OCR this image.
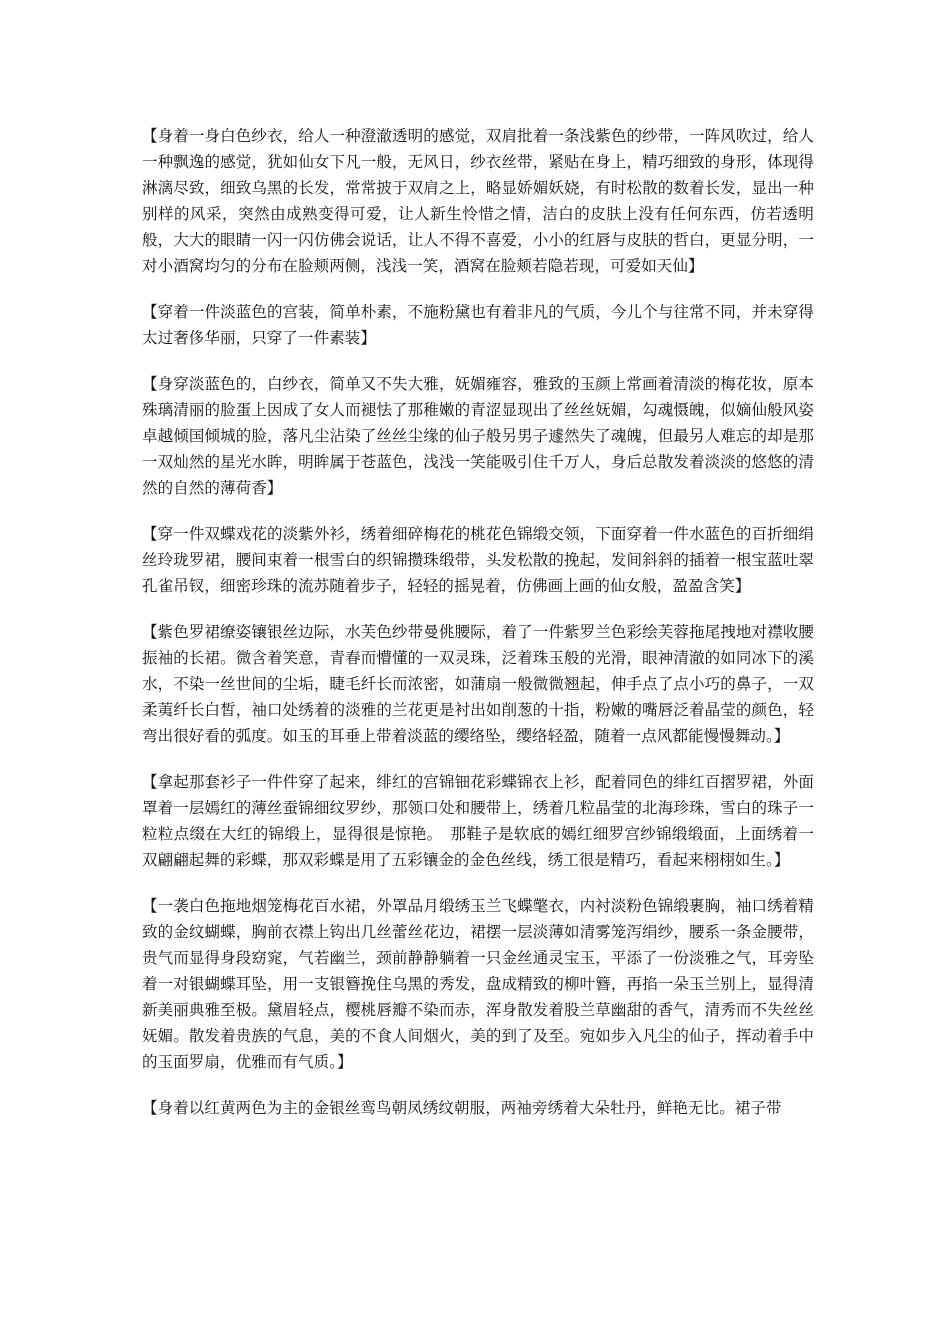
【身着一身白色纱衣，给人一种澄澈透明的感觉，双肩批着一条浅紫色的纱带，一阵风吹过，给人一种飘逸的感觉，犹如仙女下凡一般，无风日，纱衣丝带，紧贴在身上，精巧细致的身形，体现得淋漓尽致，细致乌黑的长发，常常披于双肩之上，略显娇媚妖娆，有时松散的数着长发，显出一种别样的风采，突然由成熟变得可爱，让人新生怜惜之情，洁白的皮肤上没有任何东西，仿若透明般，大大的眼睛一闪一闪仿佛会说话，让人不得不喜爱，小小的红唇与皮肤的哲白，更显分明，一对小酒窝均匀的分布在脸颊两侧，浅浅一笑，酒窝在脸颊若隐若现，可爱如天仙】

【穿着一件淡蓝色的宫装，简单朴素，不施粉黛也有着非凡的气质，今儿个与往常不同，并未穿得太过奢侈华丽，只穿了一件素装】

【身穿淡蓝色的，白纱衣，简单又不失大雅，妩媚雍容，雅致的玉颜上常画着清淡的梅花妆，原本殊璃清丽的脸蛋上因成了女人而褪怯了那稚嫩的青涩显现出了丝丝妩媚，勾魂慑魄，似嫡仙般风姿卓越倾国倾城的脸，落凡尘沾染了丝丝尘缘的仙子般另男子遽然失了魂魄，但最另人难忘的却是那一双灿然的星光水眸，明眸属于苍蓝色，浅浅一笑能吸引住千万人，身后总散发着淡淡的悠悠的清然的自然的薄荷香】

【穿一件双蝶戏花的淡紫外衫，绣着细碎梅花的桃花色锦缎交领，下面穿着一件水蓝色的百折细绢丝玲珑罗裙，腰间束着一根雪白的织锦攒珠缎带，头发松散的挽起，发间斜斜的插着一根宝蓝吐翠孔雀吊钗，细密珍珠的流苏随着步子，轻轻的摇晃着，仿佛画上画的仙女般，盈盈含笑】

【紫色罗裙缭姿镶银丝边际，水芙色纱带曼佻腰际，着了一件紫罗兰色彩绘芙蓉拖尾拽地对襟收腰振袖的长裙。微含着笑意，青春而懵懂的一双灵珠，泛着珠玉般的光滑，眼神清澈的如同冰下的溪水，不染一丝世间的尘垢，睫毛纤长而浓密，如蒲扇一般微微翘起，伸手点了点小巧的鼻子，一双柔荑纤长白皙，袖口处绣着的淡雅的兰花更是衬出如削葱的十指，粉嫩的嘴唇泛着晶莹的颜色，轻弯出很好看的弧度。如玉的耳垂上带着淡蓝的缨络坠，缨络轻盈，随着一点风都能慢慢舞动。】

【拿起那套衫子一件件穿了起来，绯红的宫锦钿花彩蝶锦衣上衫，配着同色的绯红百摺罗裙，外面罩着一层嫣红的薄丝蚕锦细纹罗纱，那领口处和腰带上，绣着几粒晶莹的北海珍珠，雪白的珠子一粒粒点缀在大红的锦缎上，显得很是惊艳。　那鞋子是软底的嫣红细罗宫纱锦缎缎面，上面绣着一双翩翩起舞的彩蝶，那双彩蝶是用了五彩镶金的金色丝线，绣工很是精巧，看起来栩栩如生。】

【一袭白色拖地烟笼梅花百水裙，外罩品月缎绣玉兰飞蝶氅衣，内衬淡粉色锦缎裹胸，袖口绣着精致的金纹蝴蝶，胸前衣襟上钩出几丝蕾丝花边，裙摆一层淡薄如清雾笼泻绢纱，腰系一条金腰带，贵气而显得身段窈窕，气若幽兰，颈前静静躺着一只金丝通灵宝玉，平添了一份淡雅之气，耳旁坠着一对银蝴蝶耳坠，用一支银簪挽住乌黑的秀发，盘成精致的柳叶簪，再掐一朵玉兰别上，显得清新美丽典雅至极。黛眉轻点，樱桃唇瓣不染而赤，浑身散发着股兰草幽甜的香气，清秀而不失丝丝妩媚。散发着贵族的气息，美的不食人间烟火，美的到了及至。宛如步入凡尘的仙子，挥动着手中的玉面罗扇，优雅而有气质。】

【身着以红黄两色为主的金银丝鸾鸟朝凤绣纹朝服，两袖旁绣着大朵牡丹，鲜艳无比。裙子带
